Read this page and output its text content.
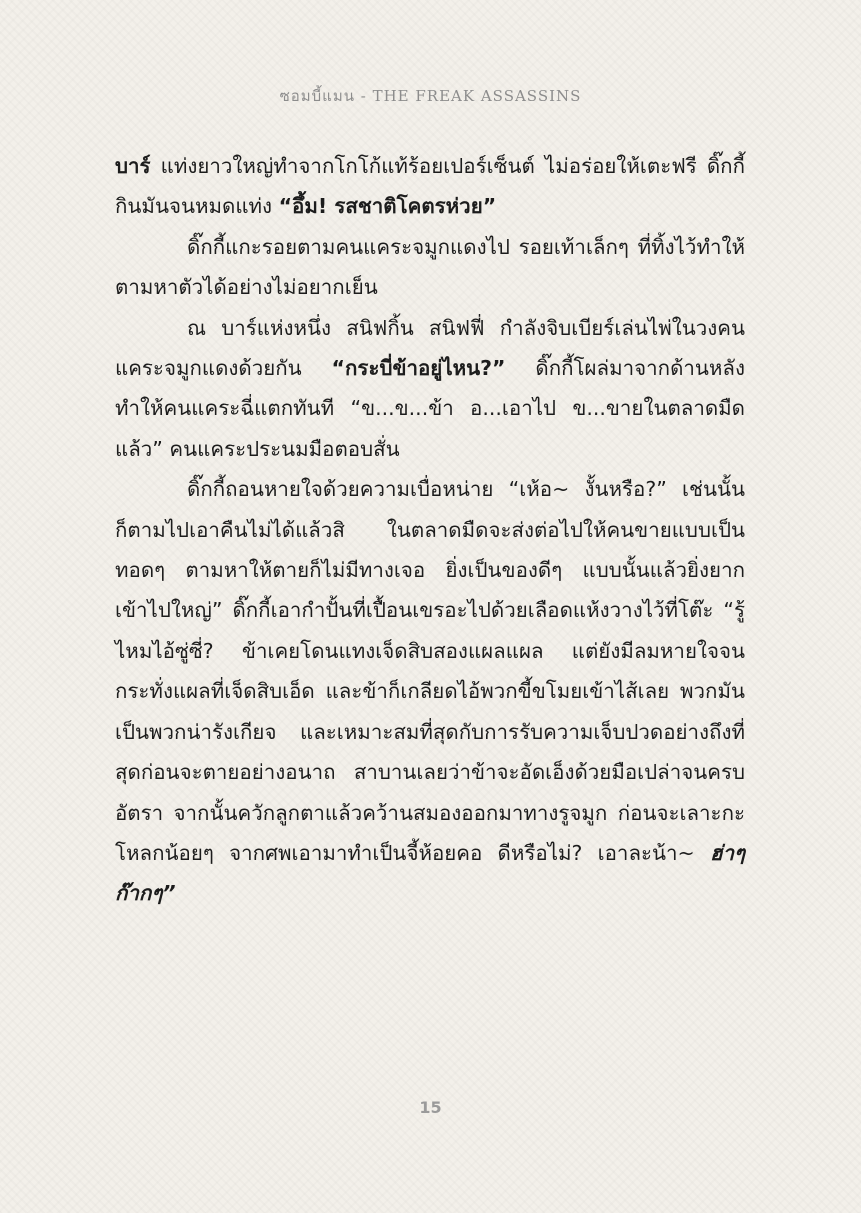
ซอมบี้แมน - THE FREAK ASSASSINS

บาร์ แท่งยาวใหญ่ทำจากโกโก้แท้ร้อยเปอร์เซ็นต์ ไม่อร่อยให้เตะฟรี ดิ๊กกี้กินมันจนหมดแท่ง “อึ้ม! รสชาติโคตรห่วย”

ดิ๊กกี้แกะรอยตามคนแคระจมูกแดงไป รอยเท้าเล็กๆ ที่ทิ้งไว้ทำให้ตามหาตัวได้อย่างไม่อยากเย็น

ณ บาร์แห่งหนึ่ง สนิฟกิ้น สนิฟฟี่ กำลังจิบเบียร์เล่นไพ่ในวงคนแคระจมูกแดงด้วยกัน “กระบี่ข้าอยู่ไหน?” ดิ๊กกี้โผล่มาจากด้านหลังทำให้คนแคระฉี่แตกทันที “ข...ข...ข้า อ...เอาไป ข...ขายในตลาดมืดแล้ว” คนแคระประนมมือตอบสั่น

ดิ๊กกี้ถอนหายใจด้วยความเบื่อหน่าย “เห้อ~ งั้นหรือ?” เช่นนั้นก็ตามไปเอาคืนไม่ได้แล้วสิ ในตลาดมืดจะส่งต่อไปให้คนขายแบบเป็นทอดๆ ตามหาให้ตายก็ไม่มีทางเจอ ยิ่งเป็นของดีๆ แบบนั้นแล้วยิ่งยากเข้าไปใหญ่” ดิ๊กกี้เอากำปั้นที่เปื้อนเขรอะไปด้วยเลือดแห้งวางไว้ที่โต๊ะ “รู้ไหมไอ้ซู่ซี่? ข้าเคยโดนแทงเจ็ดสิบสองแผลแผล แต่ยังมีลมหายใจจนกระทั่งแผลที่เจ็ดสิบเอ็ด และข้าก็เกลียดไอ้พวกขี้ขโมยเข้าไส้เลย พวกมันเป็นพวกน่ารังเกียจ และเหมาะสมที่สุดกับการรับความเจ็บปวดอย่างถึงที่สุดก่อนจะตายอย่างอนาถ สาบานเลยว่าข้าจะอัดเอ็งด้วยมือเปล่าจนครบอัตรา จากนั้นควักลูกตาแล้วคว้านสมองออกมาทางรูจมูก ก่อนจะเลาะกะโหลกน้อยๆ จากศพเอามาทำเป็นจี้ห้อยคอ ดีหรือไม่? เอาละน้า~ ฮ่าๆ ก๊ากๆ”

15
